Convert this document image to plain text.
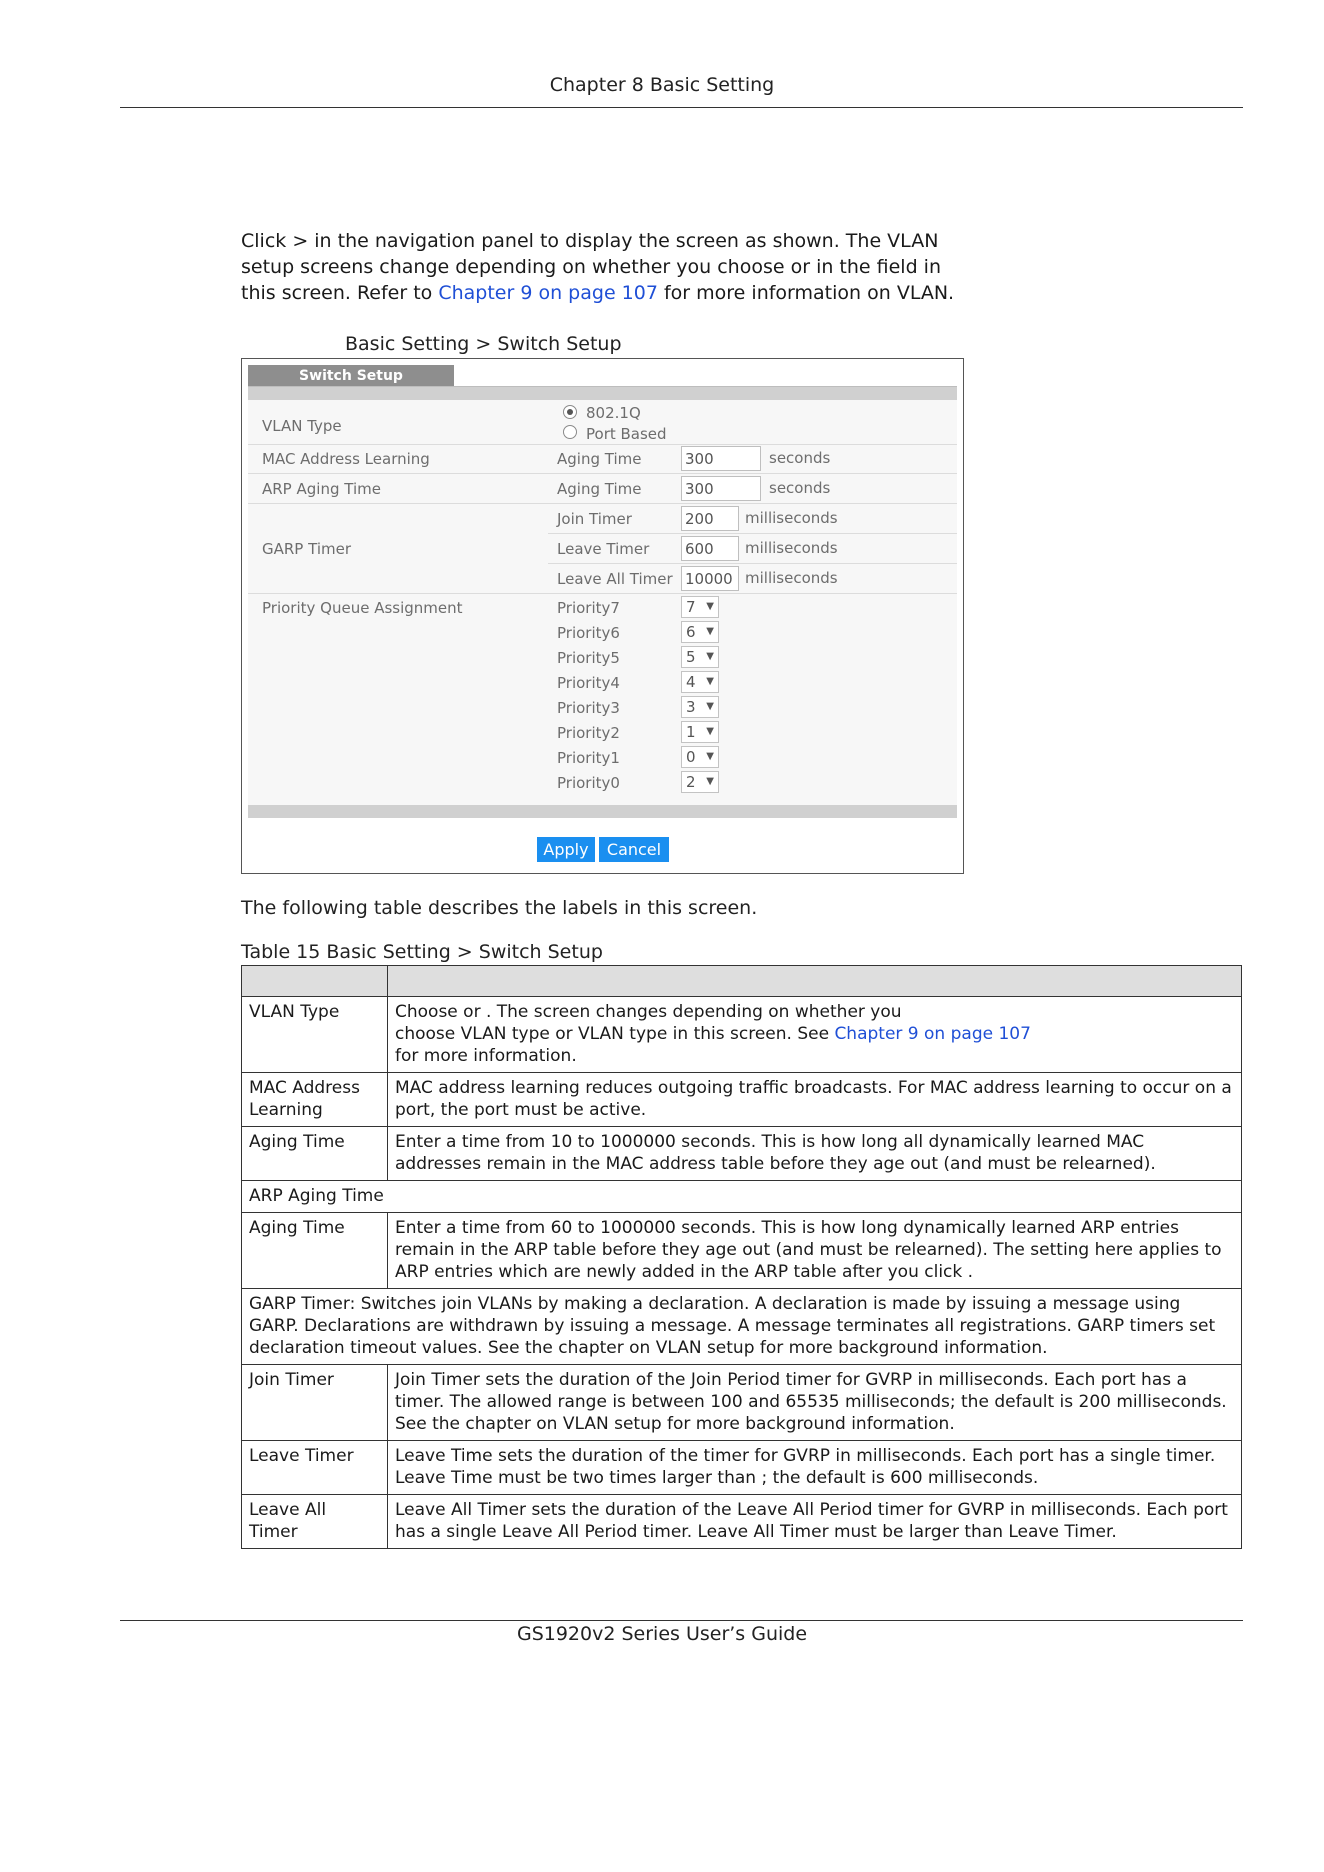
Chapter 8 Basic Setting
Click > in the navigation panel to display the screen as shown. The VLAN
setup screens change depending on whether you choose or in the field in
this screen. Refer to Chapter 9 on page 107 for more information on VLAN.
Basic Setting > Switch Setup
Switch Setup
VLAN Type
802.1Q
Port Based
MAC Address Learning	Aging Time	300	seconds
ARP Aging Time	Aging Time	300	seconds
GARP Timer
Join Timer	200	milliseconds
Leave Timer 600	milliseconds
Leave All Timer 10000 milliseconds
Priority Queue Assignment	Priority7	7 ▼
Priority6	6 ▼
Priority5	5 ▼
Priority4	4 ▼
Priority3	3 ▼
Priority2	1 ▼
Priority1	0 ▼
Priority0	2 ▼
Apply	Cancel
The following table describes the labels in this screen.
Table 15 Basic Setting > Switch Setup

VLAN Type	Choose or . The screen changes depending on whether you
choose VLAN type or VLAN type in this screen. See Chapter 9 on page 107
for more information.
MAC Address Learning	MAC address learning reduces outgoing traffic broadcasts. For MAC address learning to occur on a port, the port must be active.
Aging Time	Enter a time from 10 to 1000000 seconds. This is how long all dynamically learned MAC addresses remain in the MAC address table before they age out (and must be relearned).
ARP Aging Time	
Aging Time	Enter a time from 60 to 1000000 seconds. This is how long dynamically learned ARP entries remain in the ARP table before they age out (and must be relearned). The setting here applies to ARP entries which are newly added in the ARP table after you click .
GARP Timer: Switches join VLANs by making a declaration. A declaration is made by issuing a message using GARP. Declarations are withdrawn by issuing a message. A message terminates all registrations. GARP timers set declaration timeout values. See the chapter on VLAN setup for more background information.	
Join Timer	Join Timer sets the duration of the Join Period timer for GVRP in milliseconds. Each port has a timer. The allowed range is between 100 and 65535 milliseconds; the default is 200 milliseconds. See the chapter on VLAN setup for more background information.
Leave Timer	Leave Time sets the duration of the timer for GVRP in milliseconds. Each port has a single timer. Leave Time must be two times larger than ; the default is 600 milliseconds.
Leave All Timer	Leave All Timer sets the duration of the Leave All Period timer for GVRP in milliseconds. Each port has a single Leave All Period timer. Leave All Timer must be larger than Leave Timer.
GS1920v2 Series User’s Guide
